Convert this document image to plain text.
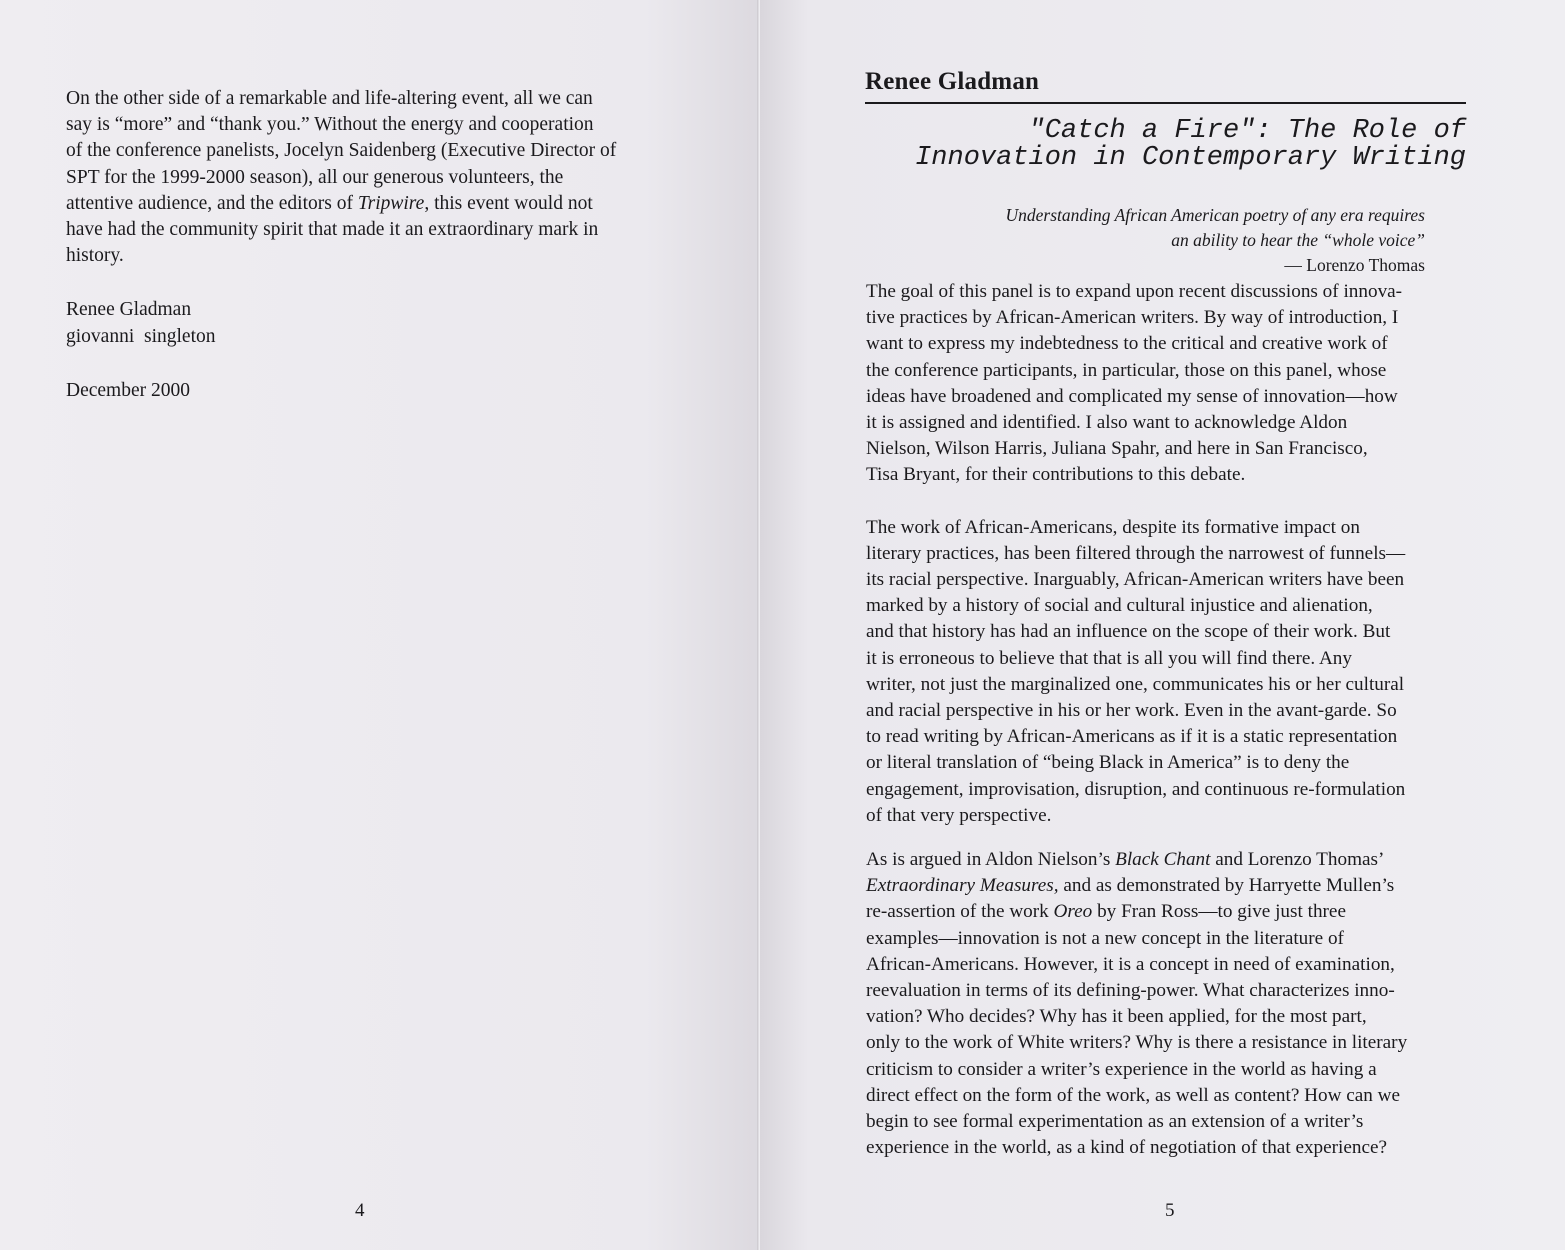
On the other side of a remarkable and life-altering event, all we can
say is “more” and “thank you.” Without the energy and cooperation
of the conference panelists, Jocelyn Saidenberg (Executive Director of
SPT for the 1999-2000 season), all our generous volunteers, the
attentive audience, and the editors of Tripwire, this event would not
have had the community spirit that made it an extraordinary mark in
history.

Renee Gladman
giovanni  singleton

December 2000

4
Renee Gladman
"Catch a Fire": The Role of
Innovation in Contemporary Writing
Understanding African American poetry of any era requires
an ability to hear the “whole voice”
— Lorenzo Thomas

The goal of this panel is to expand upon recent discussions of innova-
tive practices by African-American writers. By way of introduction, I
want to express my indebtedness to the critical and creative work of
the conference participants, in particular, those on this panel, whose
ideas have broadened and complicated my sense of innovation—how
it is assigned and identified. I also want to acknowledge Aldon
Nielson, Wilson Harris, Juliana Spahr, and here in San Francisco,
Tisa Bryant, for their contributions to this debate.

The work of African-Americans, despite its formative impact on
literary practices, has been filtered through the narrowest of funnels—
its racial perspective. Inarguably, African-American writers have been
marked by a history of social and cultural injustice and alienation,
and that history has had an influence on the scope of their work. But
it is erroneous to believe that that is all you will find there. Any
writer, not just the marginalized one, communicates his or her cultural
and racial perspective in his or her work. Even in the avant-garde. So
to read writing by African-Americans as if it is a static representation
or literal translation of “being Black in America” is to deny the
engagement, improvisation, disruption, and continuous re-formulation
of that very perspective.

As is argued in Aldon Nielson’s Black Chant and Lorenzo Thomas’
Extraordinary Measures, and as demonstrated by Harryette Mullen’s
re-assertion of the work Oreo by Fran Ross—to give just three
examples—innovation is not a new concept in the literature of
African-Americans. However, it is a concept in need of examination,
reevaluation in terms of its defining-power. What characterizes inno-
vation? Who decides? Why has it been applied, for the most part,
only to the work of White writers? Why is there a resistance in literary
criticism to consider a writer’s experience in the world as having a
direct effect on the form of the work, as well as content? How can we
begin to see formal experimentation as an extension of a writer’s
experience in the world, as a kind of negotiation of that experience?

5
